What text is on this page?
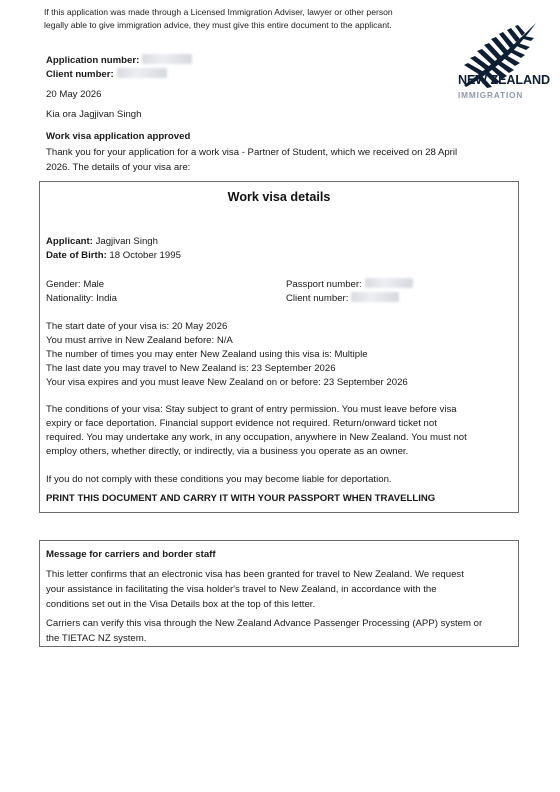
If this application was made through a Licensed Immigration Adviser, lawyer or other person
legally able to give immigration advice, they must give this entire document to the applicant.
NEW ZEALAND
IMMIGRATION
Application number:
Client number:
20 May 2026
Kia ora Jagjivan Singh
Work visa application approved
Thank you for your application for a work visa - Partner of Student, which we received on 28 April
2026. The details of your visa are:
Work visa details
Applicant: Jagjivan Singh
Date of Birth: 18 October 1995
Gender: Male
Nationality: India
Passport number:
Client number:
The start date of your visa is: 20 May 2026
You must arrive in New Zealand before: N/A
The number of times you may enter New Zealand using this visa is: Multiple
The last date you may travel to New Zealand is: 23 September 2026
Your visa expires and you must leave New Zealand on or before: 23 September 2026
The conditions of your visa: Stay subject to grant of entry permission. You must leave before visa
expiry or face deportation. Financial support evidence not required. Return/onward ticket not
required. You may undertake any work, in any occupation, anywhere in New Zealand. You must not
employ others, whether directly, or indirectly, via a business you operate as an owner.
If you do not comply with these conditions you may become liable for deportation.
PRINT THIS DOCUMENT AND CARRY IT WITH YOUR PASSPORT WHEN TRAVELLING
Message for carriers and border staff
This letter confirms that an electronic visa has been granted for travel to New Zealand. We request
your assistance in facilitating the visa holder's travel to New Zealand, in accordance with the
conditions set out in the Visa Details box at the top of this letter.
Carriers can verify this visa through the New Zealand Advance Passenger Processing (APP) system or
the TIETAC NZ system.
